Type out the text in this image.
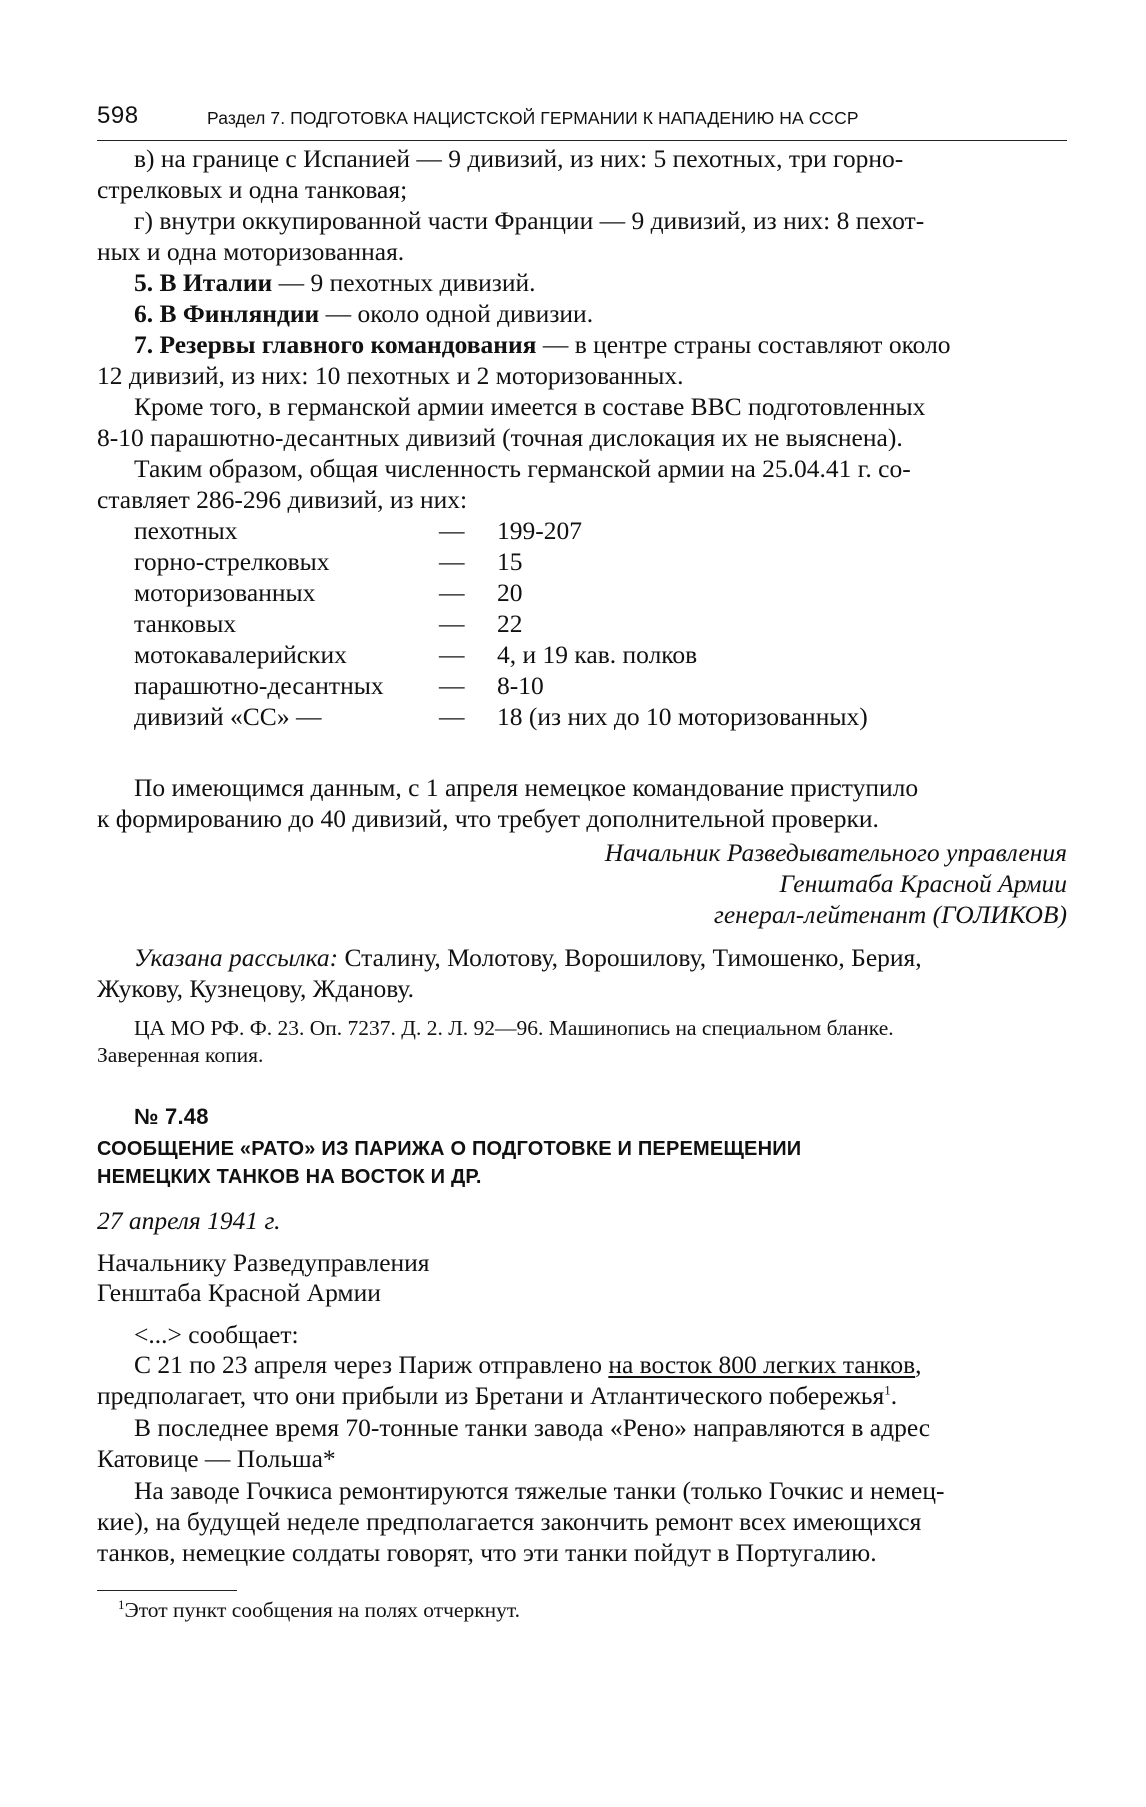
598	Раздел 7. ПОДГОТОВКА НАЦИСТСКОЙ ГЕРМАНИИ К НАПАДЕНИЮ НА СССР
в) на границе с Испанией — 9 дивизий, из них: 5 пехотных, три горно-
стрелковых и одна танковая;
г) внутри оккупированной части Франции — 9 дивизий, из них: 8 пехот-
ных и одна моторизованная.
5. В Италии — 9 пехотных дивизий.
6. В Финляндии — около одной дивизии.
7. Резервы главного командования — в центре страны составляют около
12 дивизий, из них: 10 пехотных и 2 моторизованных.
Кроме того, в германской армии имеется в составе ВВС подготовленных
8-10 парашютно-десантных дивизий (точная дислокация их не выяснена).
Таким образом, общая численность германской армии на 25.04.41 г. со-
ставляет 286-296 дивизий, из них:
пехотных	— 199-207
горно-стрелковых	— 15
моторизованных	— 20
танковых	— 22
мотокавалерийских	— 4, и 19 кав. полков
парашютно-десантных — 8-10
дивизий «СС» —	— 18 (из них до 10 моторизованных)
По имеющимся данным, с 1 апреля немецкое командование приступило
к формированию до 40 дивизий, что требует дополнительной проверки.
Начальник Разведывательного управления
Генштаба Красной Армии
генерал-лейтенант (ГОЛИКОВ)
Указана рассылка: Сталину, Молотову, Ворошилову, Тимошенко, Берия,
Жукову, Кузнецову, Жданову.
ЦА МО РФ. Ф. 23. Оп. 7237. Д. 2. Л. 92—96. Машинопись на специальном бланке.
Заверенная копия.
№ 7.48
СООБЩЕНИЕ «РАТО» ИЗ ПАРИЖА О ПОДГОТОВКЕ И ПЕРЕМЕЩЕНИИ
НЕМЕЦКИХ ТАНКОВ НА ВОСТОК И ДР.
27 апреля 1941 г.
Начальнику Разведуправления
Генштаба Красной Армии
<...> сообщает:
С 21 по 23 апреля через Париж отправлено на восток 800 легких танков,
предполагает, что они прибыли из Бретани и Атлантического побережья$^1$.
В последнее время 70-тонные танки завода «Рено» направляются в адрес
Катовице — Польша*
На заводе Гочкиса ремонтируются тяжелые танки (только Гочкис и немец-
кие), на будущей неделе предполагается закончить ремонт всех имеющихся
танков, немецкие солдаты говорят, что эти танки пойдут в Португалию.
$^1$Этот пункт сообщения на полях отчеркнут.
